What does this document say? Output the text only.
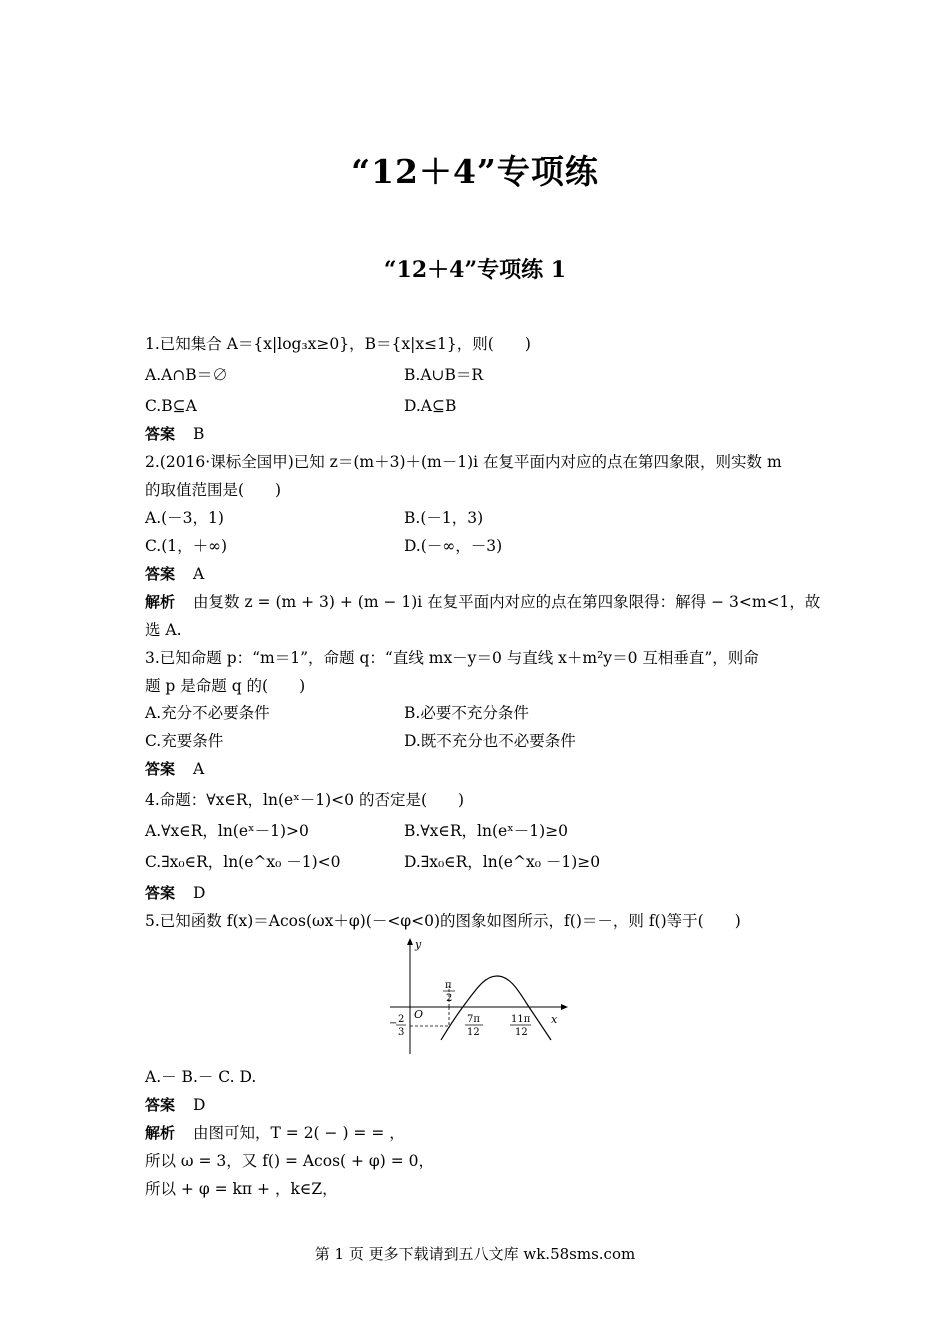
“12＋4”专项练
“12＋4”专项练 1
1.已知集合 A＝{x|log₃x≥0}，B＝{x|x≤1}，则(　　)
A.A∩B＝∅	B.A∪B＝R
C.B⊆A	D.A⊆B
答案 B
2.(2016·课标全国甲)已知 z＝(m＋3)＋(m－1)i 在复平面内对应的点在第四象限，则实数 m
的取值范围是(　　)
A.(－3，1)	B.(－1，3)
C.(1，＋∞)	D.(－∞，－3)
答案 A
解析 由复数 z = (m + 3) + (m − 1)i 在复平面内对应的点在第四象限得：解得 − 3<m<1，故
选 A.
3.已知命题 p：“m＝1”，命题 q：“直线 mx－y＝0 与直线 x＋m²y＝0 互相垂直”，则命
题 p 是命题 q 的(　　)
A.充分不必要条件	B.必要不充分条件
C.充要条件	D.既不充分也不必要条件
答案 A
4.命题：∀x∈R，ln(eˣ－1)<0 的否定是(　　)
A.∀x∈R，ln(eˣ－1)>0	B.∀x∈R，ln(eˣ－1)≥0
C.∃x₀∈R，ln(e^x₀ －1)<0	D.∃x₀∈R，ln(e^x₀ －1)≥0
答案 D
5.已知函数 f(x)＝Acos(ωx＋φ)(－<φ<0)的图象如图所示，f()＝－，则 f()等于(　　)
y
x
O
π
2
− 2
3
7π
12
11π
12
A.－ B.－ C. D.
答案 D
解析 由图可知，T = 2( − ) = = ，
所以 ω = 3，又 f() = Acos( + φ) = 0，
所以 + φ = kπ + ，k∈Z，
第 1 页 更多下载请到五八文库 wk.58sms.com
